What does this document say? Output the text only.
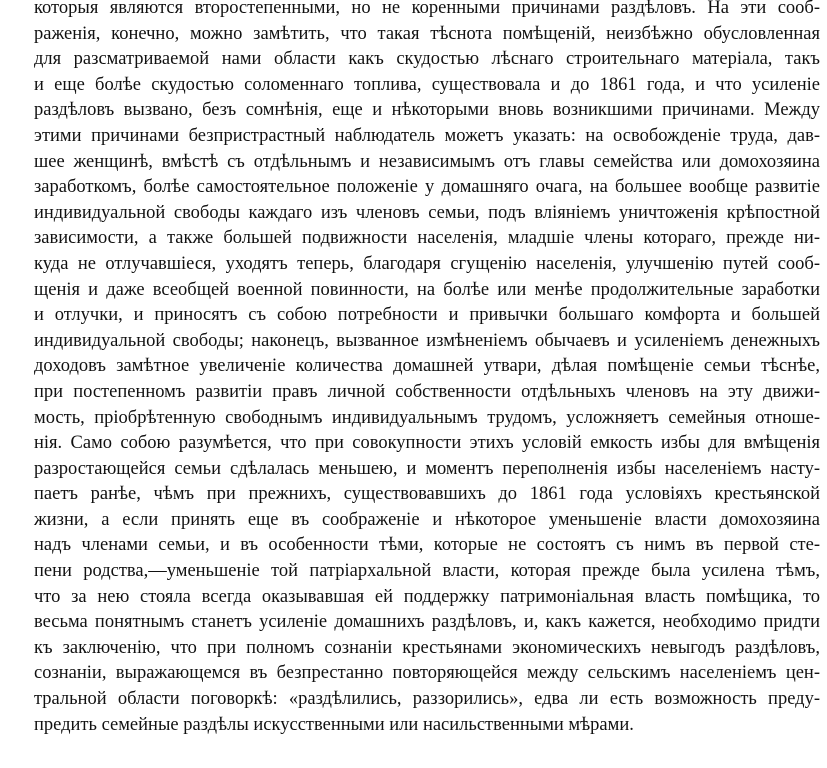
которыя являются второстепенными, но не коренными причинами раздѣловъ. На эти сооб-
раженія, конечно, можно замѣтить, что такая тѣснота помѣщеній, неизбѣжно обусловленная
для разсматриваемой нами области какъ скудостью лѣснаго строительнаго матеріала, такъ
и еще болѣе скудостью соломеннаго топлива, существовала и до 1861 года, и что усиленіе
раздѣловъ вызвано, безъ сомнѣнія, еще и нѣкоторыми вновь возникшими причинами. Между
этими причинами безпристрастный наблюдатель можетъ указать: на освобожденіе труда, дав-
шее женщинѣ, вмѣстѣ съ отдѣльнымъ и независимымъ отъ главы семейства или домохозяина
заработкомъ, болѣе самостоятельное положеніе у домашняго очага, на большее вообще развитіе
индивидуальной свободы каждаго изъ членовъ семьи, подъ вліяніемъ уничтоженія крѣпостной
зависимости, а также большей подвижности населенія, младшіе члены котораго, прежде ни-
куда не отлучавшіеся, уходятъ теперь, благодаря сгущенію населенія, улучшенію путей сооб-
щенія и даже всеобщей военной повинности, на болѣе или менѣе продолжительные заработки
и отлучки, и приносятъ съ собою потребности и привычки большаго комфорта и большей
индивидуальной свободы; наконецъ, вызванное измѣненіемъ обычаевъ и усиленіемъ денежныхъ
доходовъ замѣтное увеличеніе количества домашней утвари, дѣлая помѣщеніе семьи тѣснѣе,
при постепенномъ развитіи правъ личной собственности отдѣльныхъ членовъ на эту движи-
мость, пріобрѣтенную свободнымъ индивидуальнымъ трудомъ, усложняетъ семейныя отноше-
нія. Само собою разумѣется, что при совокупности этихъ условій емкость избы для вмѣщенія
разростающейся семьи сдѣлалась меньшею, и моментъ переполненія избы населеніемъ насту-
паетъ ранѣе, чѣмъ при прежнихъ, существовавшихъ до 1861 года условіяхъ крестьянской
жизни, а если принять еще въ соображеніе и нѣкоторое уменьшеніе власти домохозяина
надъ членами семьи, и въ особенности тѣми, которые не состоятъ съ нимъ въ первой сте-
пени родства,—уменьшеніе той патріархальной власти, которая прежде была усилена тѣмъ,
что за нею стояла всегда оказывавшая ей поддержку патримоніальная власть помѣщика, то
весьма понятнымъ станетъ усиленіе домашнихъ раздѣловъ, и, какъ кажется, необходимо придти
къ заключенію, что при полномъ сознаніи крестьянами экономическихъ невыгодъ раздѣловъ,
сознаніи, выражающемся въ безпрестанно повторяющейся между сельскимъ населеніемъ цен-
тральной области поговоркѣ: «раздѣлились, раззорились», едва ли есть возможность преду-
предить семейные раздѣлы искусственными или насильственными мѣрами.
